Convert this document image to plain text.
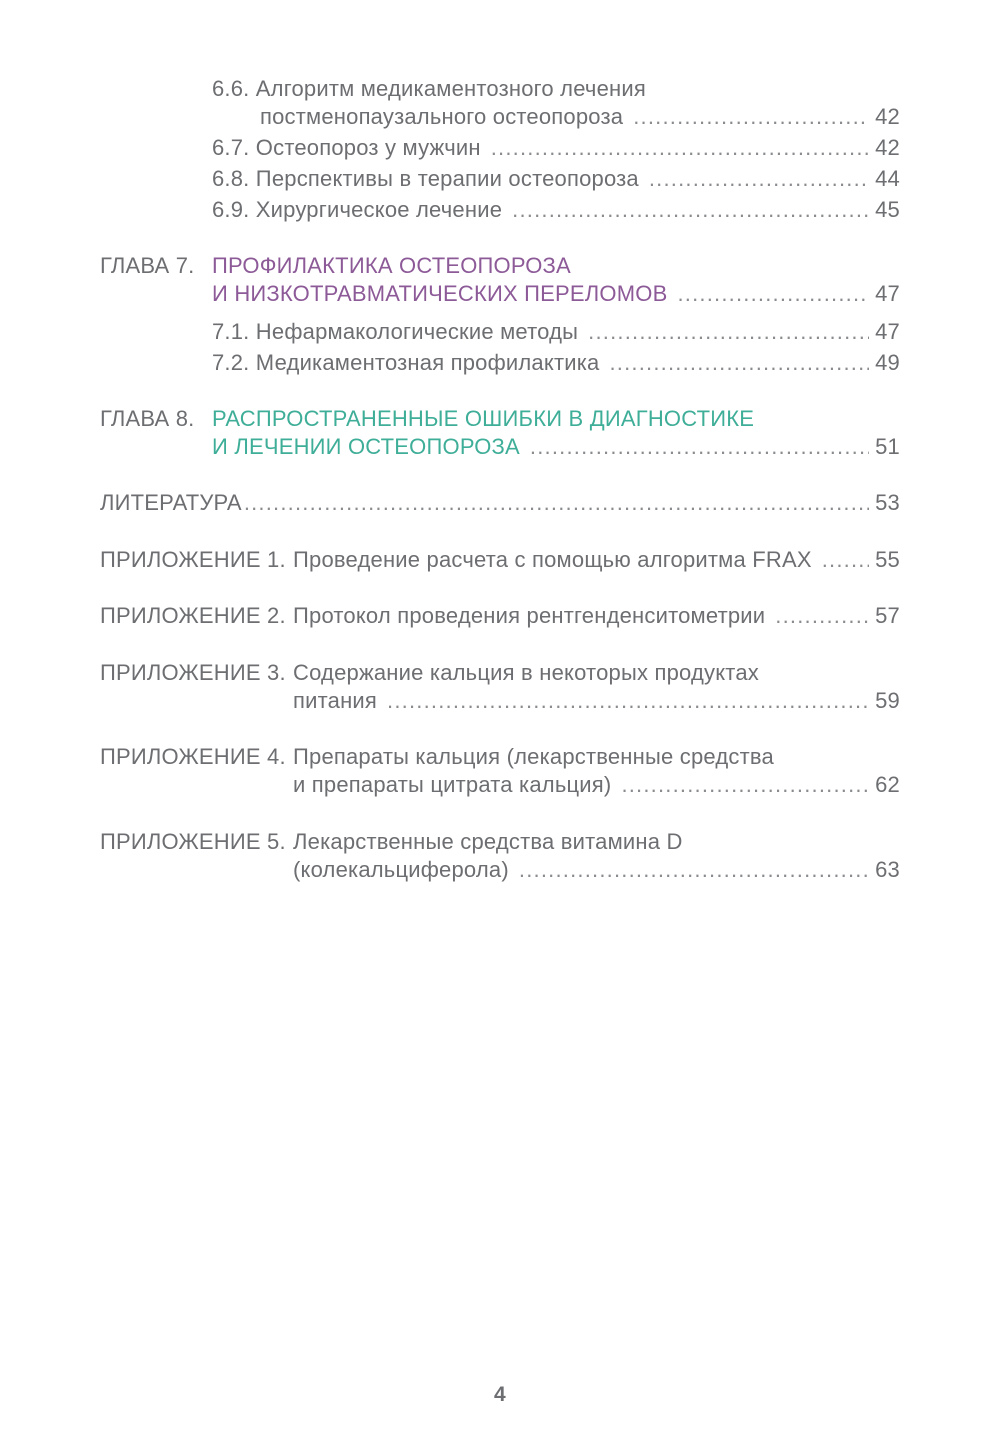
6.6. Алгоритм медикаментозного лечения
постменопаузального остеопороза .....	42
6.7. Остеопороз у мужчин .....	42
6.8. Перспективы в терапии остеопороза .....	44
6.9. Хирургическое лечение .....	45
ГЛАВА 7. ПРОФИЛАКТИКА ОСТЕОПОРОЗА
И НИЗКОТРАВМАТИЧЕСКИХ ПЕРЕЛОМОВ .....	47
7.1. Нефармакологические методы .....	47
7.2. Медикаментозная профилактика .....	49
ГЛАВА 8. РАСПРОСТРАНЕННЫЕ ОШИБКИ В ДИАГНОСТИКЕ
И ЛЕЧЕНИИ ОСТЕОПОРОЗА .....	51
ЛИТЕРАТУРА .....	53
ПРИЛОЖЕНИЕ 1. Проведение расчета с помощью алгоритма FRAX .....	55
ПРИЛОЖЕНИЕ 2. Протокол проведения рентгенденситометрии .....	57
ПРИЛОЖЕНИЕ 3. Содержание кальция в некоторых продуктах
питания .....	59
ПРИЛОЖЕНИЕ 4. Препараты кальция (лекарственные средства
и препараты цитрата кальция) .....	62
ПРИЛОЖЕНИЕ 5. Лекарственные средства витамина D
(колекальциферола) .....	63
4
